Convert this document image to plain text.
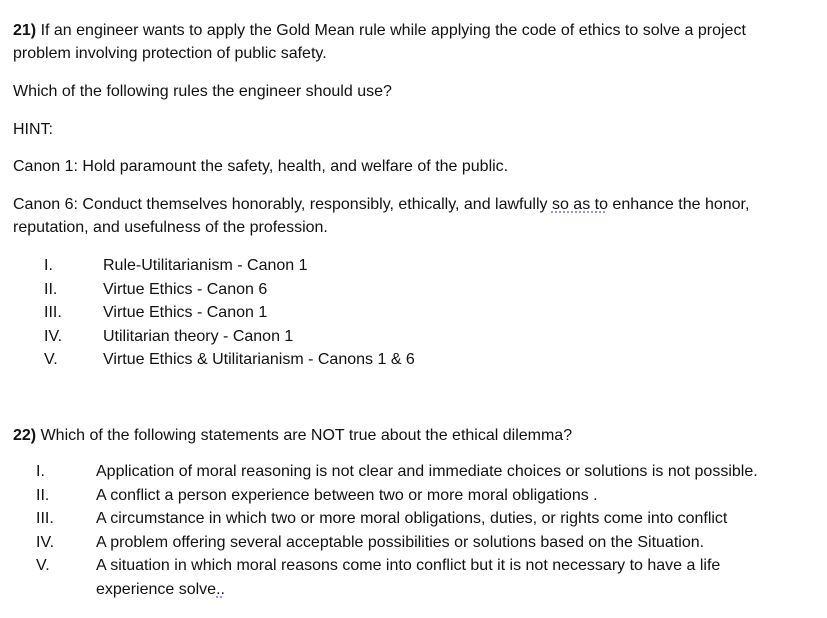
21) If an engineer wants to apply the Gold Mean rule while applying the code of ethics to solve a project
problem involving protection of public safety.

Which of the following rules the engineer should use?

HINT:

Canon 1: Hold paramount the safety, health, and welfare of the public.

Canon 6: Conduct themselves honorably, responsibly, ethically, and lawfully so as to enhance the honor,
reputation, and usefulness of the profession.

I.	Rule-Utilitarianism - Canon 1
II.	Virtue Ethics - Canon 6
III.	Virtue Ethics - Canon 1
IV.	Utilitarian theory - Canon 1
V.	Virtue Ethics & Utilitarianism - Canons 1 & 6

22) Which of the following statements are NOT true about the ethical dilemma?

I.	Application of moral reasoning is not clear and immediate choices or solutions is not possible.
II.	A conflict a person experience between two or more moral obligations .
III.	A circumstance in which two or more moral obligations, duties, or rights come into conflict
IV.	A problem offering several acceptable possibilities or solutions based on the Situation.
V.	A situation in which moral reasons come into conflict but it is not necessary to have a life
experience solve..
